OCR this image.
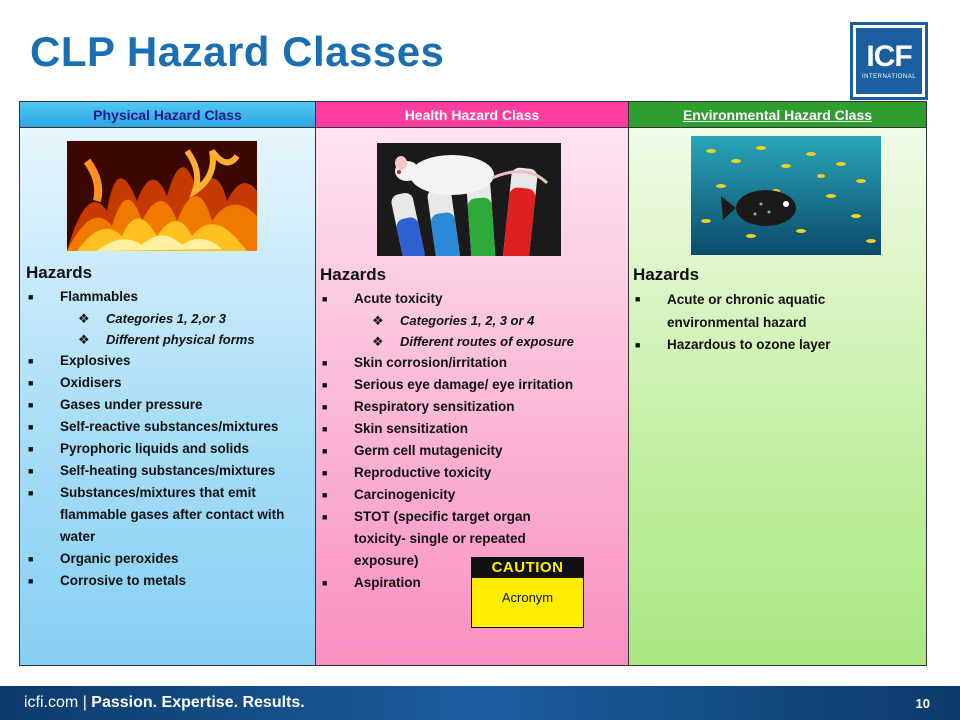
CLP Hazard Classes	ICF
INTERNATIONAL
Physical Hazard Class	Health Hazard Class	Environmental Hazard Class
Hazards
■ Flammables
❖ Categories 1, 2,or 3
❖ Different physical forms
■ Explosives
■ Oxidisers
■ Gases under pressure
■ Self-reactive substances/mixtures
■ Pyrophoric liquids and solids
■ Self-heating substances/mixtures
■ Substances/mixtures that emit flammable gases after contact with water
■ Organic peroxides
■ Corrosive to metals
Hazards
■ Acute toxicity
❖ Categories 1, 2, 3 or 4
❖ Different routes of exposure
■ Skin corrosion/irritation
■ Serious eye damage/ eye irritation
■ Respiratory sensitization
■ Skin sensitization
■ Germ cell mutagenicity
■ Reproductive toxicity
■ Carcinogenicity
■ STOT (specific target organ toxicity- single or repeated exposure)
■ Aspiration
Hazards
■ Acute or chronic aquatic environmental hazard
■ Hazardous to ozone layer
CAUTION
Acronym
icfi.com | Passion. Expertise. Results.	10
